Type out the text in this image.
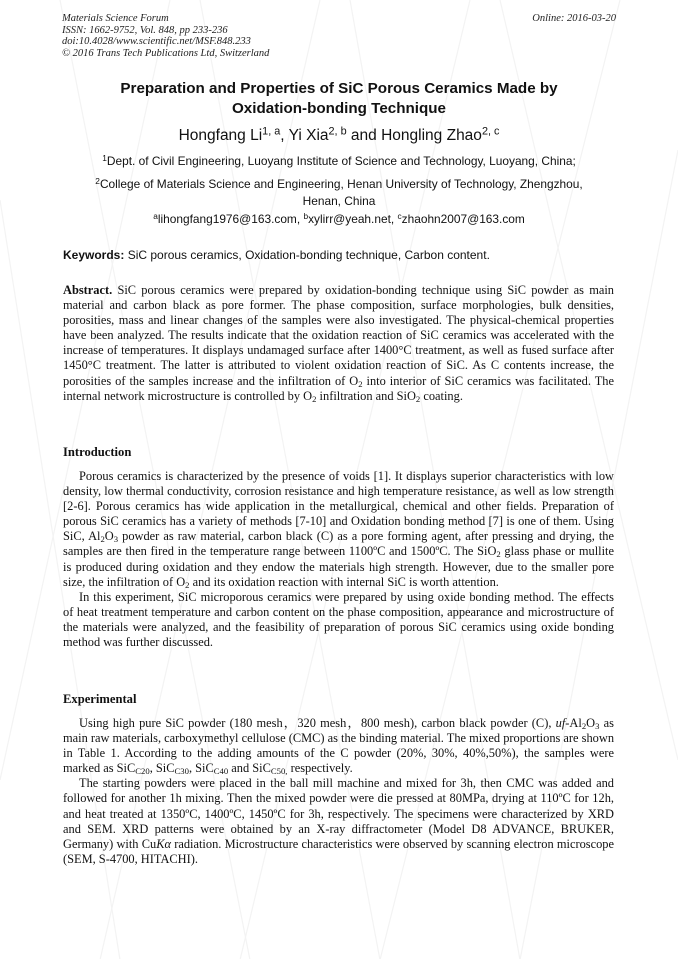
Materials Science Forum
ISSN: 1662-9752, Vol. 848, pp 233-236
doi:10.4028/www.scientific.net/MSF.848.233
© 2016 Trans Tech Publications Ltd, Switzerland
Online: 2016-03-20
Preparation and Properties of SiC Porous Ceramics Made by
Oxidation-bonding Technique
Hongfang Li$^{1, a}$, Yi Xia$^{2, b}$ and Hongling Zhao$^{2, c}$
$^1$Dept. of Civil Engineering, Luoyang Institute of Science and Technology, Luoyang, China;
$^2$College of Materials Science and Engineering, Henan University of Technology, Zhengzhou,
Henan, China
$^a$lihongfang1976@163.com, $^b$xylirr@yeah.net, $^c$zhaohn2007@163.com
Keywords: SiC porous ceramics, Oxidation-bonding technique, Carbon content.

Abstract. SiC porous ceramics were prepared by oxidation-bonding technique using SiC powder as main material and carbon black as pore former. The phase composition, surface morphologies, bulk densities, porosities, mass and linear changes of the samples were also investigated. The physical-chemical properties have been analyzed. The results indicate that the oxidation reaction of SiC ceramics was accelerated with the increase of temperatures. It displays undamaged surface after 1400°C treatment, as well as fused surface after 1450°C treatment. The latter is attributed to violent oxidation reaction of SiC. As C contents increase, the porosities of the samples increase and the infiltration of $O_2$ into interior of SiC ceramics was facilitated. The internal network microstructure is controlled by $O_2$ infiltration and SiO$_2$ coating.

Introduction

Porous ceramics is characterized by the presence of voids [1]. It displays superior characteristics with low density, low thermal conductivity, corrosion resistance and high temperature resistance, as well as low strength [2-6]. Porous ceramics has wide application in the metallurgical, chemical and other fields. Preparation of porous SiC ceramics has a variety of methods [7-10] and Oxidation bonding method [7] is one of them. Using SiC, $Al_2O_3$ powder as raw material, carbon black (C) as a pore forming agent, after pressing and drying, the samples are then fired in the temperature range between 1100ºC and 1500ºC. The SiO$_2$ glass phase or mullite is produced during oxidation and they endow the materials high strength. However, due to the smaller pore size, the infiltration of $O_2$ and its oxidation reaction with internal SiC is worth attention.

In this experiment, SiC microporous ceramics were prepared by using oxide bonding method. The effects of heat treatment temperature and carbon content on the phase composition, appearance and microstructure of the materials were analyzed, and the feasibility of preparation of porous SiC ceramics using oxide bonding method was further discussed.

Experimental

Using high pure SiC powder (180 mesh，320 mesh，800 mesh), carbon black powder (C), $uf-Al_2O_3$ as main raw materials, carboxymethyl cellulose (CMC) as the binding material. The mixed proportions are shown in Table 1. According to the adding amounts of the C powder (20%, 30%, 40%,50%), the samples were marked as SiC$_{C20}$, SiC$_{C30}$, SiC$_{C40}$ and SiC$_{C50,}$ respectively.

The starting powders were placed in the ball mill machine and mixed for 3h, then CMC was added and followed for another 1h mixing. Then the mixed powder were die pressed at 80MPa, drying at 110ºC for 12h, and heat treated at 1350ºC, 1400ºC, 1450ºC for 3h, respectively. The specimens were characterized by XRD and SEM. XRD patterns were obtained by an X-ray diffractometer (Model D8 ADVANCE, BRUKER, Germany) with CuKα radiation. Microstructure characteristics were observed by scanning electron microscope (SEM, S-4700, HITACHI).
